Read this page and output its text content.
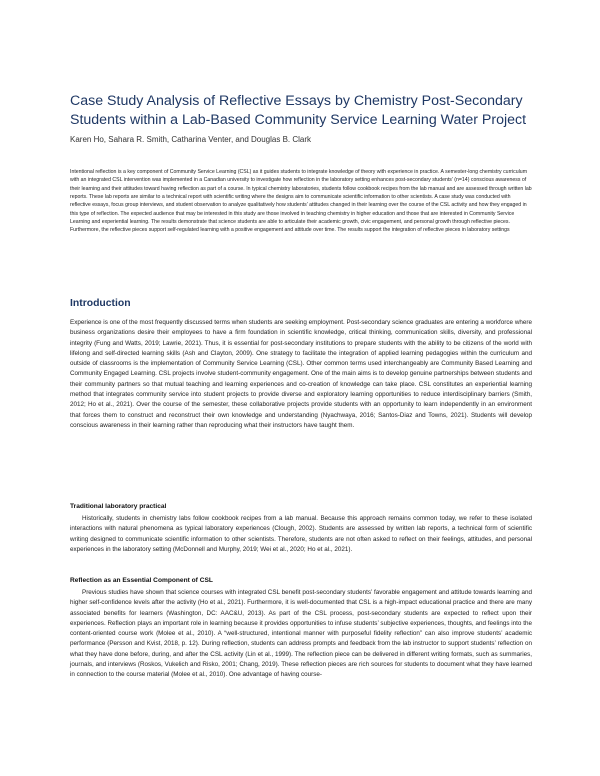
Case Study Analysis of Reflective Essays by Chemistry Post-Secondary Students within a Lab-Based Community Service Learning Water Project

Karen Ho, Sahara R. Smith, Catharina Venter, and Douglas B. Clark

Intentional reflection is a key component of Community Service Learning (CSL) as it guides students to integrate knowledge of theory with experience in practice. A semester-long chemistry curriculum with an integrated CSL intervention was implemented in a Canadian university to investigate how reflection in the laboratory setting enhances post-secondary students’ (n=14) conscious awareness of their learning and their attitudes toward having reflection as part of a course. In typical chemistry laboratories, students follow cookbook recipes from the lab manual and are assessed through written lab reports. These lab reports are similar to a technical report with scientific writing where the designs aim to communicate scientific information to other scientists. A case study was conducted with reflective essays, focus group interviews, and student observation to analyze qualitatively how students’ attitudes changed in their learning over the course of the CSL activity and how they engaged in this type of reflection. The expected audience that may be interested in this study are those involved in teaching chemistry in higher education and those that are interested in Community Service Learning and experiential learning. The results demonstrate that science students are able to articulate their academic growth, civic engagement, and personal growth through reflective pieces. Furthermore, the reflective pieces support self-regulated learning with a positive engagement and attitude over time. The results support the integration of reflective pieces in laboratory settings

Introduction

Experience is one of the most frequently discussed terms when students are seeking employment. Post-secondary science graduates are entering a workforce where business organizations desire their employees to have a firm foundation in scientific knowledge, critical thinking, communication skills, diversity, and professional integrity (Fung and Watts, 2019; Lawrie, 2021). Thus, it is essential for post-secondary institutions to prepare students with the ability to be citizens of the world with lifelong and self-directed learning skills (Ash and Clayton, 2009). One strategy to facilitate the integration of applied learning pedagogies within the curriculum and outside of classrooms is the implementation of Community Service Learning (CSL). Other common terms used interchangeably are Community Based Learning and Community Engaged Learning. CSL projects involve student-community engagement. One of the main aims is to develop genuine partnerships between students and their community partners so that mutual teaching and learning experiences and co-creation of knowledge can take place. CSL constitutes an experiential learning method that integrates community service into student projects to provide diverse and exploratory learning opportunities to reduce interdisciplinary barriers (Smith, 2012; Ho et al., 2021). Over the course of the semester, these collaborative projects provide students with an opportunity to learn independently in an environment that forces them to construct and reconstruct their own knowledge and understanding (Nyachwaya, 2016; Santos-Diaz and Towns, 2021). Students will develop conscious awareness in their learning rather than reproducing what their instructors have taught them.

Traditional laboratory practical

Historically, students in chemistry labs follow cookbook recipes from a lab manual. Because this approach remains common today, we refer to these isolated interactions with natural phenomena as typical laboratory experiences (Clough, 2002). Students are assessed by written lab reports, a technical form of scientific writing designed to communicate scientific information to other scientists. Therefore, students are not often asked to reflect on their feelings, attitudes, and personal experiences in the laboratory setting (McDonnell and Murphy, 2019; Wei et al., 2020; Ho et al., 2021).

Reflection as an Essential Component of CSL

Previous studies have shown that science courses with integrated CSL benefit post-secondary students’ favorable engagement and attitude towards learning and higher self-confidence levels after the activity (Ho et al., 2021). Furthermore, it is well-documented that CSL is a high-impact educational practice and there are many associated benefits for learners (Washington, DC: AAC&U, 2013). As part of the CSL process, post-secondary students are expected to reflect upon their experiences. Reflection plays an important role in learning because it provides opportunities to infuse students’ subjective experiences, thoughts, and feelings into the content-oriented course work (Molee et al., 2010). A “well-structured, intentional manner with purposeful fidelity reflection” can also improve students’ academic performance (Persson and Kvist, 2018, p. 12). During reflection, students can address prompts and feedback from the lab instructor to support students’ reflection on what they have done before, during, and after the CSL activity (Lin et al., 1999). The reflection piece can be delivered in different writing formats, such as summaries, journals, and interviews (Roskos, Vukelich and Risko, 2001; Chang, 2019). These reflection pieces are rich sources for students to document what they have learned in connection to the course material (Molee et al., 2010). One advantage of having course-
